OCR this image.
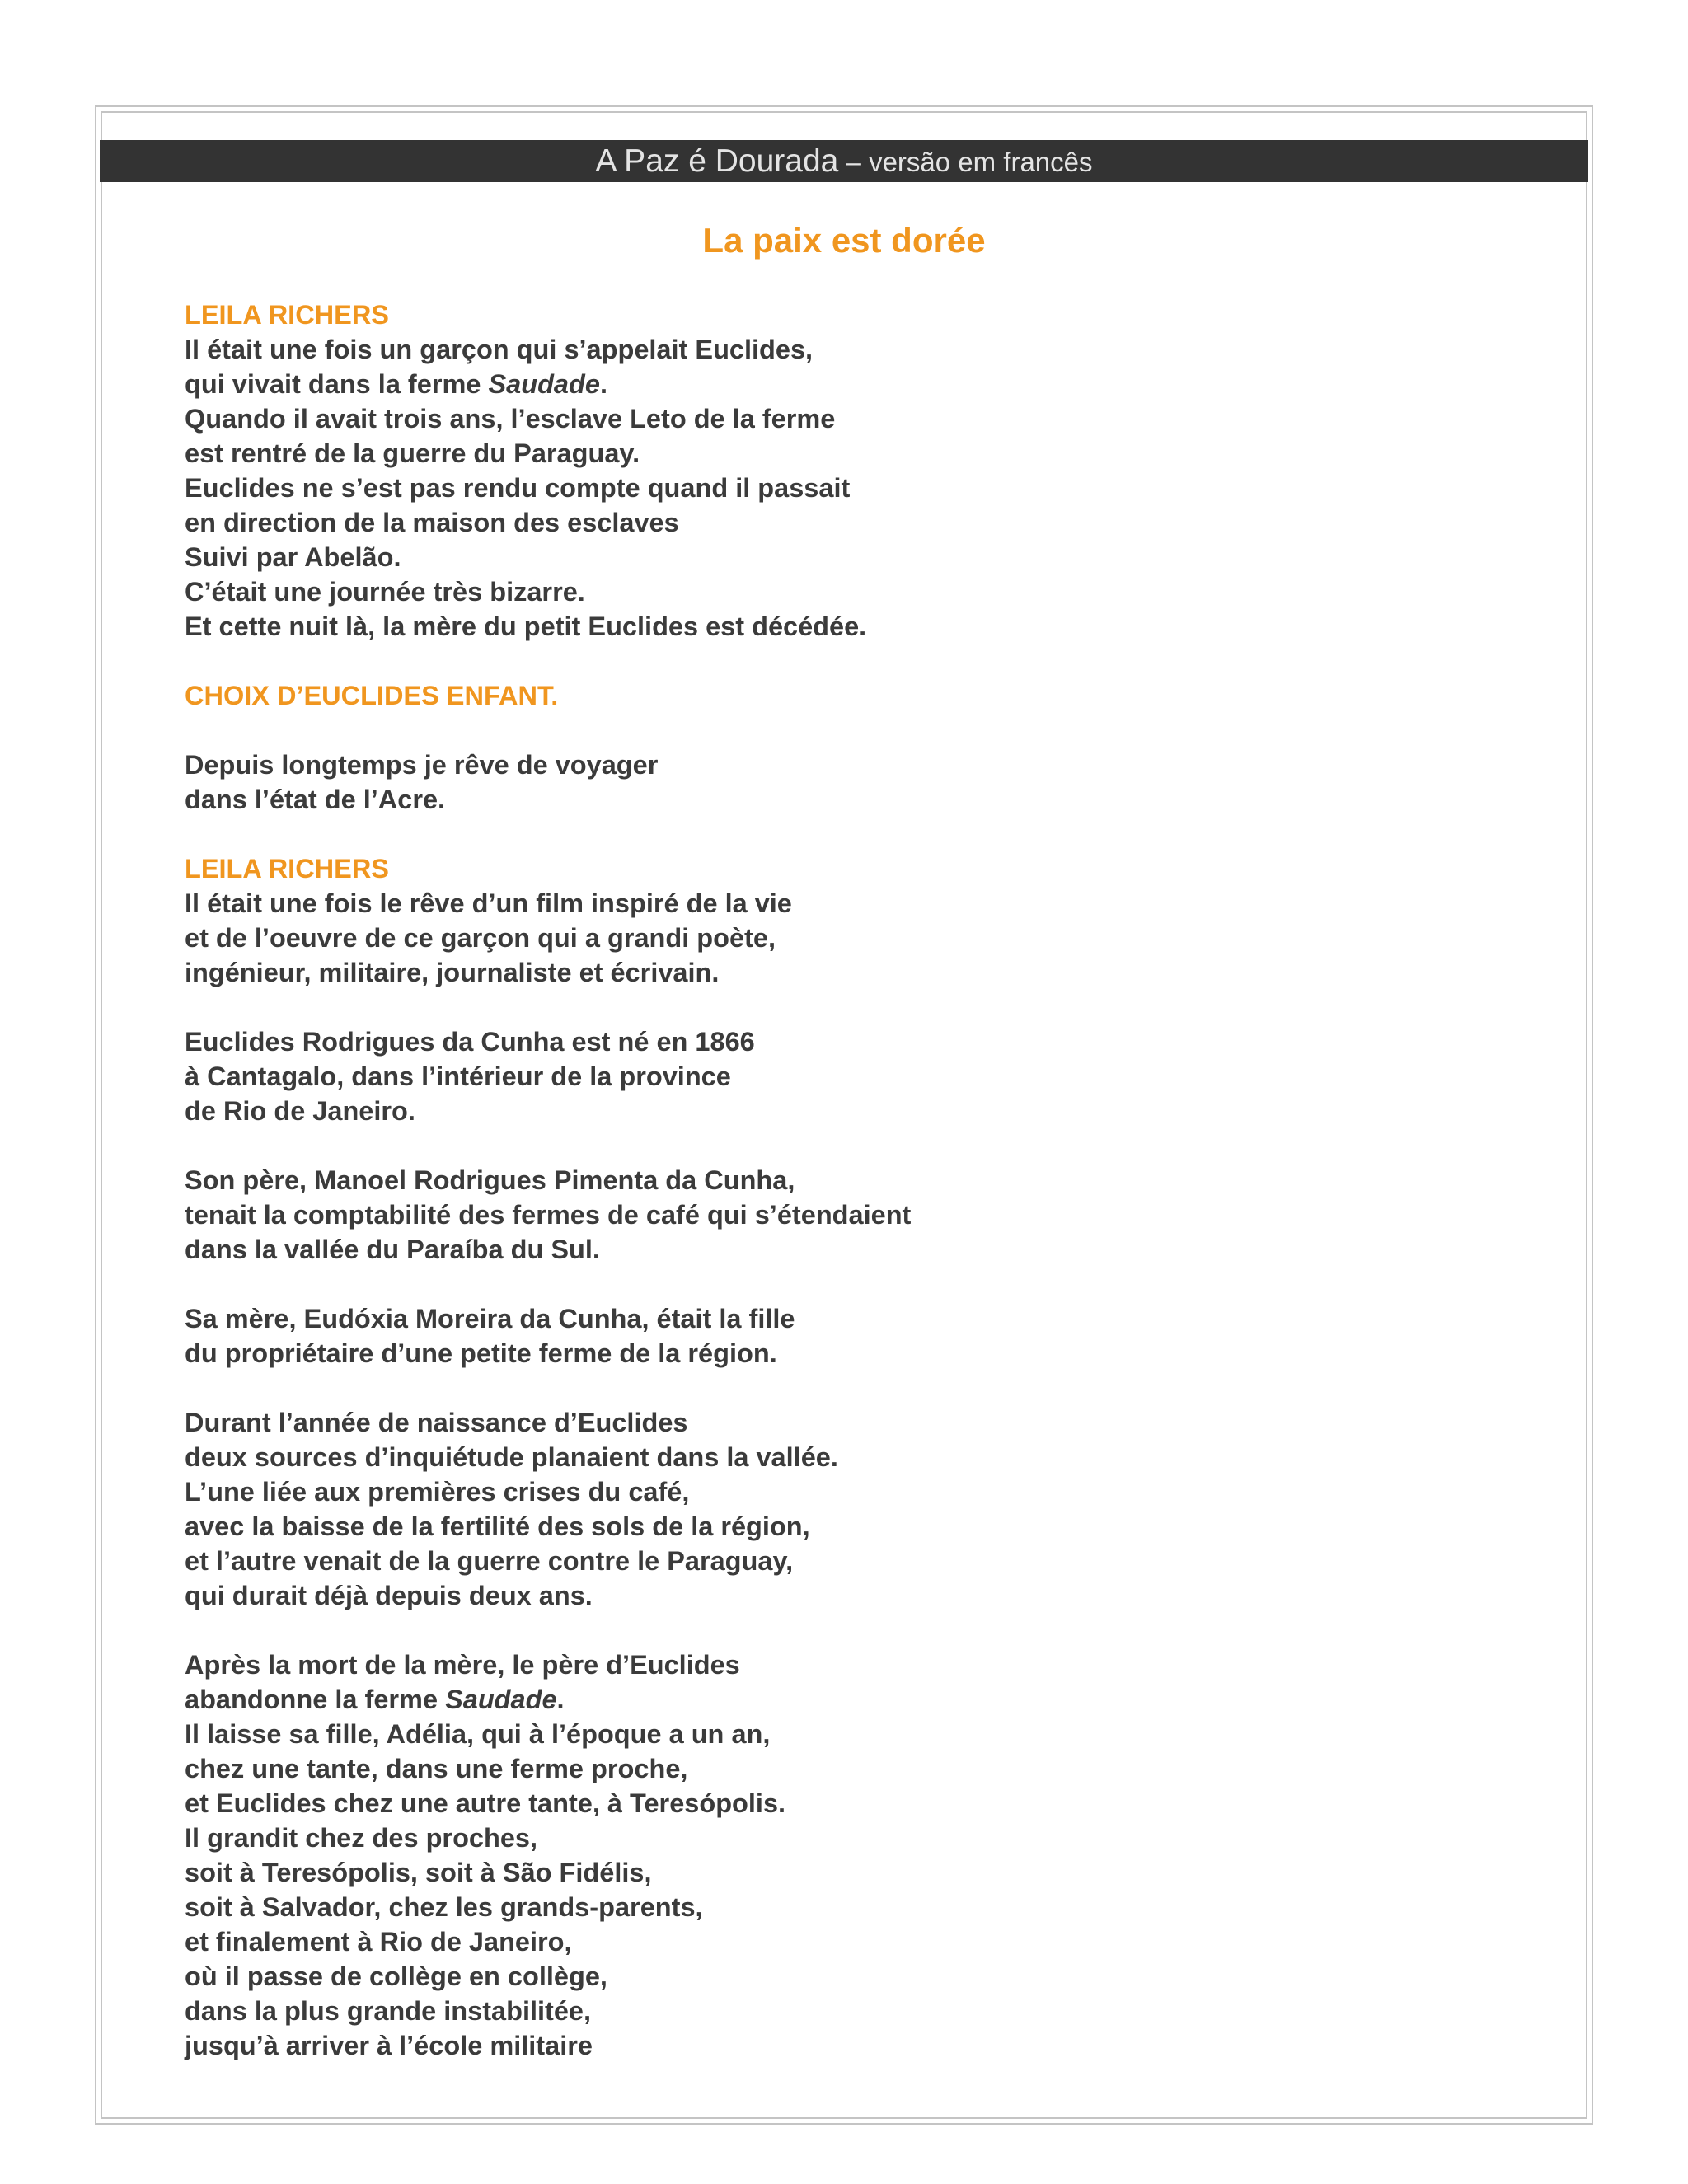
A Paz é Dourada – versão em francês
La paix est dorée
LEILA RICHERS
Il était une fois un garçon qui s’appelait Euclides,
qui vivait dans la ferme Saudade.
Quando il avait trois ans, l’esclave Leto de la ferme
est rentré de la guerre du Paraguay.
Euclides ne s’est pas rendu compte quand il passait
en direction de la maison des esclaves
Suivi par Abelão.
C’était une journée très bizarre.
Et cette nuit là, la mère du petit Euclides est décédée.
CHOIX D’EUCLIDES ENFANT.
Depuis longtemps je rêve de voyager
dans l’état de l’Acre.
LEILA RICHERS
Il était une fois le rêve d’un film inspiré de la vie
et de l’oeuvre de ce garçon qui a grandi poète,
ingénieur, militaire, journaliste et écrivain.
Euclides Rodrigues da Cunha est né en 1866
à Cantagalo, dans l’intérieur de la province
de Rio de Janeiro.
Son père, Manoel Rodrigues Pimenta da Cunha,
tenait la comptabilité des fermes de café qui s’étendaient
dans la vallée du Paraíba du Sul.
Sa mère, Eudóxia Moreira da Cunha, était la fille
du propriétaire d’une petite ferme de la région.
Durant l’année de naissance d’Euclides
deux sources d’inquiétude planaient dans la vallée.
L’une liée aux premières crises du café,
avec la baisse de la fertilité des sols de la région,
et l’autre venait de la guerre contre le Paraguay,
qui durait déjà depuis deux ans.
Après la mort de la mère, le père d’Euclides
abandonne la ferme Saudade.
Il laisse sa fille, Adélia, qui à l’époque a un an,
chez une tante, dans une ferme proche,
et Euclides chez une autre tante, à Teresópolis.
Il grandit chez des proches,
soit à Teresópolis, soit à São Fidélis,
soit à Salvador, chez les grands-parents,
et finalement à Rio de Janeiro,
où il passe de collège en collège,
dans la plus grande instabilitée,
jusqu’à arriver à l’école militaire
